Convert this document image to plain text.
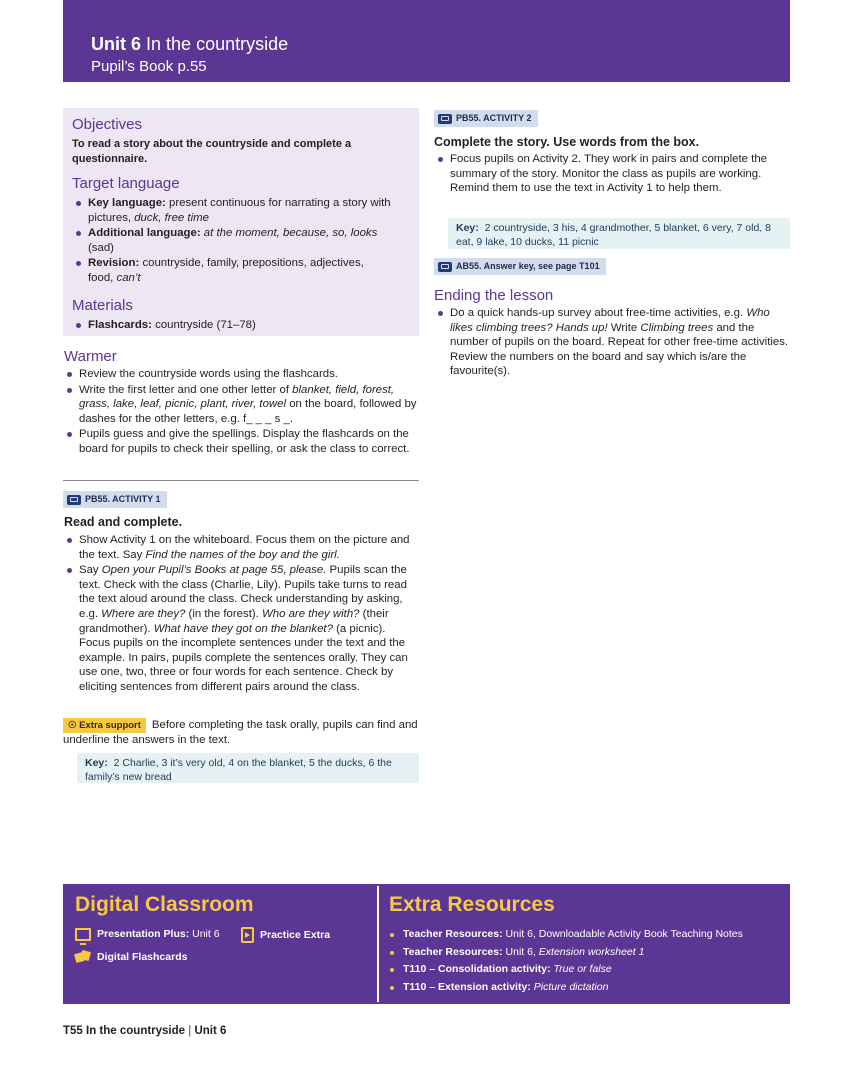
Unit 6 In the countryside
Pupil’s Book p.55
Objectives
To read a story about the countryside and complete a questionnaire.
Target language
Key language: present continuous for narrating a story with pictures, duck, free time
Additional language: at the moment, because, so, looks (sad)
Revision: countryside, family, prepositions, adjectives, food, can’t
Materials
Flashcards: countryside (71–78)
Warmer
Review the countryside words using the flashcards.
Write the first letter and one other letter of blanket, field, forest, grass, lake, leaf, picnic, plant, river, towel on the board, followed by dashes for the other letters, e.g. f_ _ _ s _.
Pupils guess and give the spellings. Display the flashcards on the board for pupils to check their spelling, or ask the class to correct.
PB55. ACTIVITY 1
Read and complete.
Show Activity 1 on the whiteboard. Focus them on the picture and the text. Say Find the names of the boy and the girl.
Say Open your Pupil’s Books at page 55, please. Pupils scan the text. Check with the class (Charlie, Lily). Pupils take turns to read the text aloud around the class. Check understanding by asking, e.g. Where are they? (in the forest). Who are they with? (their grandmother). What have they got on the blanket? (a picnic). Focus pupils on the incomplete sentences under the text and the example. In pairs, pupils complete the sentences orally. They can use one, two, three or four words for each sentence. Check by eliciting sentences from different pairs around the class.
☉ Extra support Before completing the task orally, pupils can find and underline the answers in the text.
Key: 2 Charlie, 3 it’s very old, 4 on the blanket, 5 the ducks, 6 the family’s new bread
PB55. ACTIVITY 2
Complete the story. Use words from the box.
Focus pupils on Activity 2. They work in pairs and complete the summary of the story. Monitor the class as pupils are working. Remind them to use the text in Activity 1 to help them.
Key: 2 countryside, 3 his, 4 grandmother, 5 blanket, 6 very, 7 old, 8 eat, 9 lake, 10 ducks, 11 picnic
AB55. Answer key, see page T101
Ending the lesson
Do a quick hands-up survey about free-time activities, e.g. Who likes climbing trees? Hands up! Write Climbing trees and the number of pupils on the board. Repeat for other free-time activities. Review the numbers on the board and say which is/are the favourite(s).
Digital Classroom
Presentation Plus: Unit 6	Practice Extra
Digital Flashcards
Extra Resources
Teacher Resources: Unit 6, Downloadable Activity Book Teaching Notes
Teacher Resources: Unit 6, Extension worksheet 1
T110 – Consolidation activity: True or false
T110 – Extension activity: Picture dictation
T55 In the countryside | Unit 6
